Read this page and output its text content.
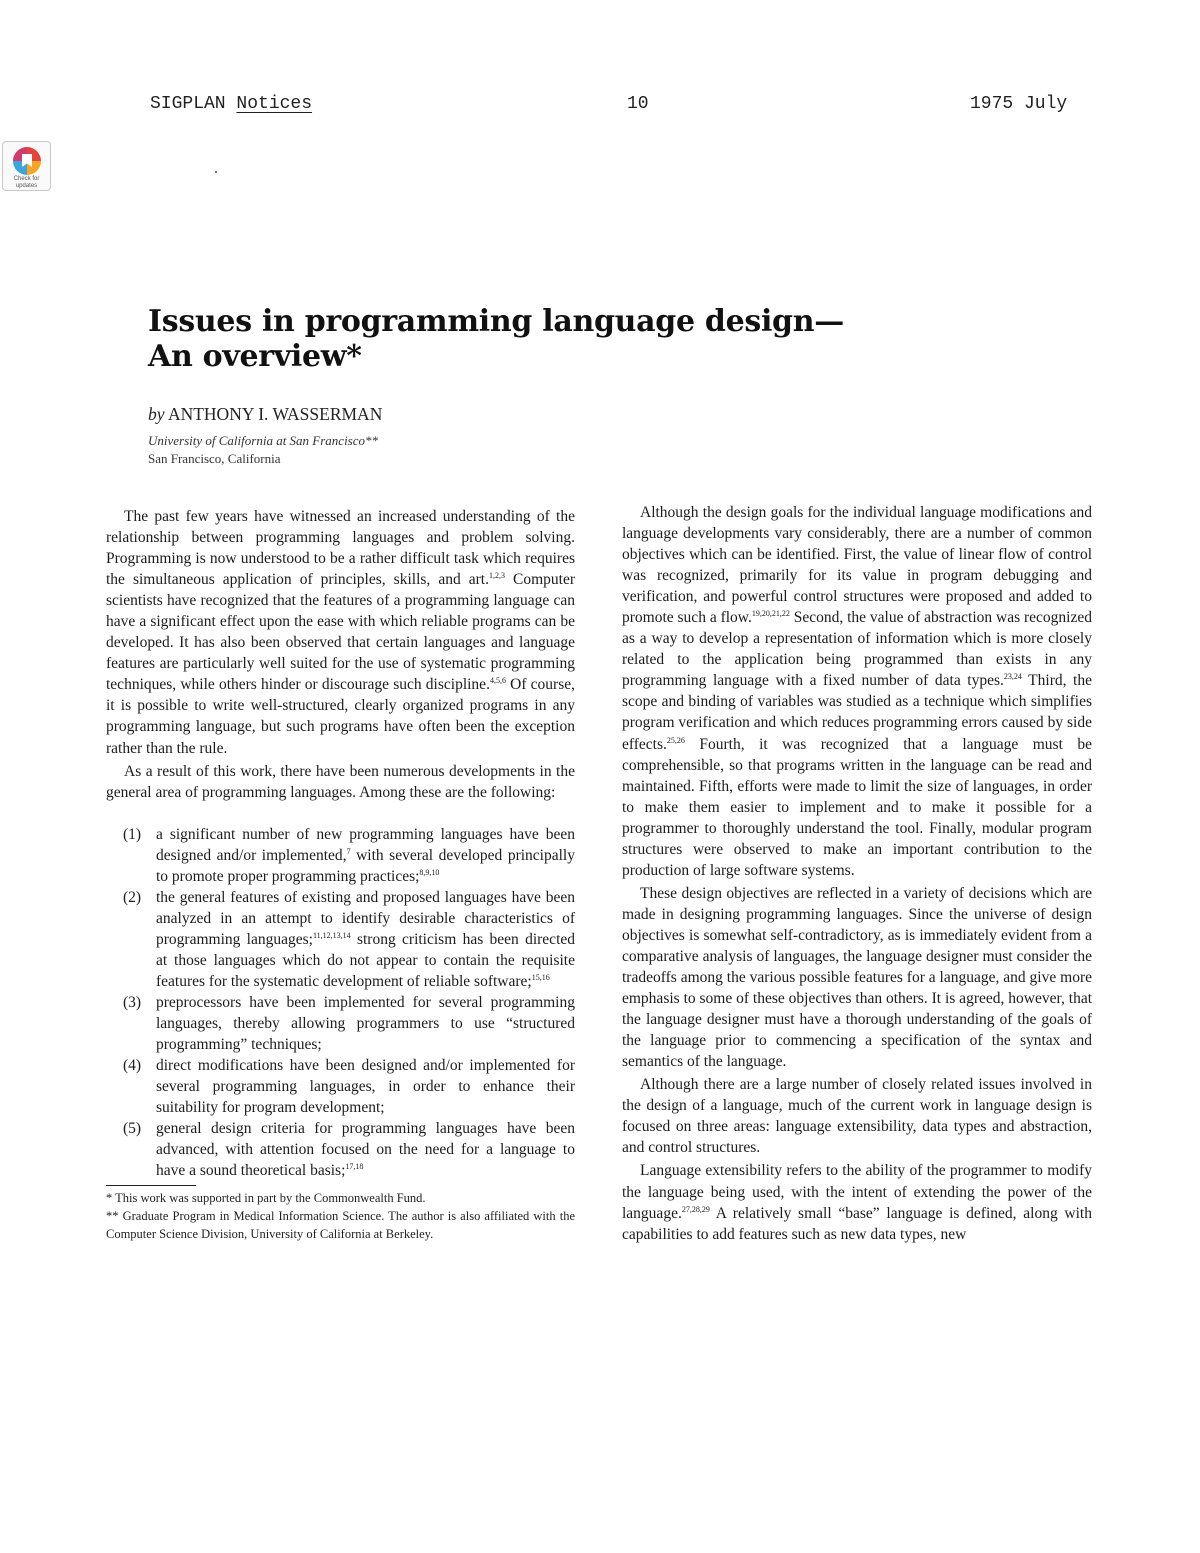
SIGPLAN Notices	10	1975 July
Check for
updates
Issues in programming language design—
An overview*
by ANTHONY I. WASSERMAN
University of California at San Francisco**
San Francisco, California

The past few years have witnessed an increased understanding of the relationship between programming languages and problem solving. Programming is now understood to be a rather difficult task which requires the simultaneous application of principles, skills, and art.$^{1,2,3}$ Computer scientists have recognized that the features of a programming language can have a significant effect upon the ease with which reliable programs can be developed. It has also been observed that certain languages and language features are particularly well suited for the use of systematic programming techniques, while others hinder or discourage such discipline.$^{4,5,6}$ Of course, it is possible to write well-structured, clearly organized programs in any programming language, but such programs have often been the exception rather than the rule.

As a result of this work, there have been numerous developments in the general area of programming languages. Among these are the following:

(1) a significant number of new programming languages have been designed and/or implemented,$^7$ with several developed principally to promote proper programming practices;$^{8,9,10}$
(2) the general features of existing and proposed languages have been analyzed in an attempt to identify desirable characteristics of programming languages;$^{11,12,13,14}$ strong criticism has been directed at those languages which do not appear to contain the requisite features for the systematic development of reliable software;$^{15,16}$
(3) preprocessors have been implemented for several programming languages, thereby allowing programmers to use “structured programming” techniques;
(4) direct modifications have been designed and/or implemented for several programming languages, in order to enhance their suitability for program development;
(5) general design criteria for programming languages have been advanced, with attention focused on the need for a language to have a sound theoretical basis;$^{17,18}$

* This work was supported in part by the Commonwealth Fund.

** Graduate Program in Medical Information Science. The author is also affiliated with the Computer Science Division, University of California at Berkeley.

Although the design goals for the individual language modifications and language developments vary considerably, there are a number of common objectives which can be identified. First, the value of linear flow of control was recognized, primarily for its value in program debugging and verification, and powerful control structures were proposed and added to promote such a flow.$^{19,20,21,22}$ Second, the value of abstraction was recognized as a way to develop a representation of information which is more closely related to the application being programmed than exists in any programming language with a fixed number of data types.$^{23,24}$ Third, the scope and binding of variables was studied as a technique which simplifies program verification and which reduces programming errors caused by side effects.$^{25,26}$ Fourth, it was recognized that a language must be comprehensible, so that programs written in the language can be read and maintained. Fifth, efforts were made to limit the size of languages, in order to make them easier to implement and to make it possible for a programmer to thoroughly understand the tool. Finally, modular program structures were observed to make an important contribution to the production of large software systems.

These design objectives are reflected in a variety of decisions which are made in designing programming languages. Since the universe of design objectives is somewhat self-contradictory, as is immediately evident from a comparative analysis of languages, the language designer must consider the tradeoffs among the various possible features for a language, and give more emphasis to some of these objectives than others. It is agreed, however, that the language designer must have a thorough understanding of the goals of the language prior to commencing a specification of the syntax and semantics of the language.

Although there are a large number of closely related issues involved in the design of a language, much of the current work in language design is focused on three areas: language extensibility, data types and abstraction, and control structures.

Language extensibility refers to the ability of the programmer to modify the language being used, with the intent of extending the power of the language.$^{27,28,29}$ A relatively small “base” language is defined, along with capabilities to add features such as new data types, new
